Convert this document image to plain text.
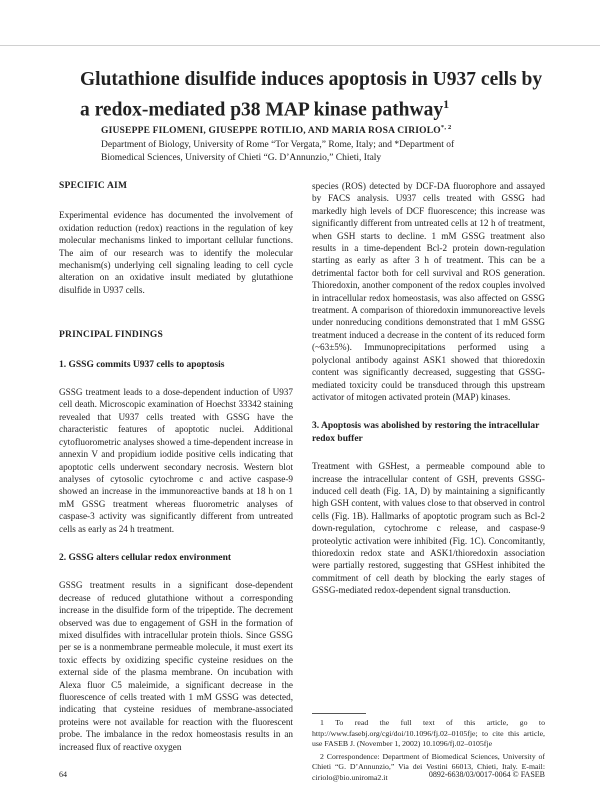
Glutathione disulfide induces apoptosis in U937 cells by a redox-mediated p38 MAP kinase pathway$^1$

GIUSEPPE FILOMENI, GIUSEPPE ROTILIO, AND MARIA ROSA $CIRIOLO^{*, 2}$

Department of Biology, University of Rome “Tor Vergata,” Rome, Italy; and *Department of
Biomedical Sciences, University of Chieti “G. D’Annunzio,” Chieti, Italy

SPECIFIC AIM

Experimental evidence has documented the involvement of oxidation reduction (redox) reactions in the regulation of key molecular mechanisms linked to important cellular functions. The aim of our research was to identify the molecular mechanism(s) underlying cell signaling leading to cell cycle alteration on an oxidative insult mediated by glutathione disulfide in U937 cells.

PRINCIPAL FINDINGS
1. GSSG commits U937 cells to apoptosis

GSSG treatment leads to a dose-dependent induction of U937 cell death. Microscopic examination of Hoechst 33342 staining revealed that U937 cells treated with GSSG have the characteristic features of apoptotic nuclei. Additional cytofluorometric analyses showed a time-dependent increase in annexin V and propidium iodide positive cells indicating that apoptotic cells underwent secondary necrosis. Western blot analyses of cytosolic cytochrome c and active caspase-9 showed an increase in the immunoreactive bands at 18 h on 1 mM GSSG treatment whereas fluorometric analyses of caspase-3 activity was significantly different from untreated cells as early as 24 h treatment.

2. GSSG alters cellular redox environment

GSSG treatment results in a significant dose-dependent decrease of reduced glutathione without a corresponding increase in the disulfide form of the tripeptide. The decrement observed was due to engagement of GSH in the formation of mixed disulfides with intracellular protein thiols. Since GSSG per se is a nonmembrane permeable molecule, it must exert its toxic effects by oxidizing specific cysteine residues on the external side of the plasma membrane. On incubation with Alexa fluor C5 maleimide, a significant decrease in the fluorescence of cells treated with 1 mM GSSG was detected, indicating that cysteine residues of membrane-associated proteins were not available for reaction with the fluorescent probe. The imbalance in the redox homeostasis results in an increased flux of reactive oxygen

species (ROS) detected by DCF-DA fluorophore and assayed by FACS analysis. U937 cells treated with GSSG had markedly high levels of DCF fluorescence; this increase was significantly different from untreated cells at 12 h of treatment, when GSH starts to decline. 1 mM GSSG treatment also results in a time-dependent Bcl-2 protein down-regulation starting as early as after 3 h of treatment. This can be a detrimental factor both for cell survival and ROS generation. Thioredoxin, another component of the redox couples involved in intracellular redox homeostasis, was also affected on GSSG treatment. A comparison of thioredoxin immunoreactive levels under nonreducing conditions demonstrated that 1 mM GSSG treatment induced a decrease in the content of its reduced form (~63±5%). Immunoprecipitations performed using a polyclonal antibody against ASK1 showed that thioredoxin content was significantly decreased, suggesting that GSSG-mediated toxicity could be transduced through this upstream activator of mitogen activated protein (MAP) kinases.

3. Apoptosis was abolished by restoring the intracellular redox buffer

Treatment with GSHest, a permeable compound able to increase the intracellular content of GSH, prevents GSSG-induced cell death (Fig. 1A, D) by maintaining a significantly high GSH content, with values close to that observed in control cells (Fig. 1B). Hallmarks of apoptotic program such as Bcl-2 down-regulation, cytochrome c release, and caspase-9 proteolytic activation were inhibited (Fig. 1C). Concomitantly, thioredoxin redox state and ASK1/thioredoxin association were partially restored, suggesting that GSHest inhibited the commitment of cell death by blocking the early stages of GSSG-mediated redox-dependent signal transduction.

1 To read the full text of this article, go to http://www.fasebj.org/cgi/doi/10.1096/fj.02–0105fje; to cite this article, use FASEB J. (November 1, 2002) 10.1096/fj.02–0105fje

2 Correspondence: Department of Biomedical Sciences, University of Chieti “G. D’Annunzio,” Via dei Vestini 66013, Chieti, Italy. E-mail: ciriolo@bio.uniroma2.it

64	0892-6638/03/0017-0064 © FASEB
